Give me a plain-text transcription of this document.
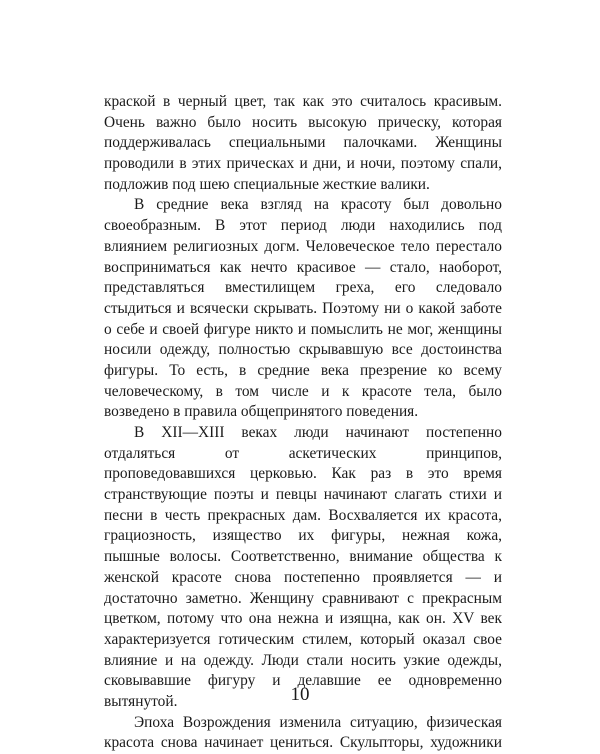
краской в черный цвет, так как это считалось красивым.
Очень важно было носить высокую прическу, которая
поддерживалась специальными палочками. Женщины
проводили в этих прическах и дни, и ночи, поэтому спали,
подложив под шею специальные жесткие валики.
В средние века взгляд на красоту был довольно
своеобразным. В этот период люди находились под
влиянием религиозных догм. Человеческое тело перестало
восприниматься как нечто красивое — стало, наоборот,
представляться вместилищем греха, его следовало
стыдиться и всячески скрывать. Поэтому ни о какой заботе
о себе и своей фигуре никто и помыслить не мог, женщины
носили одежду, полностью скрывавшую все достоинства
фигуры. То есть, в средние века презрение ко всему
человеческому, в том числе и к красоте тела, было
возведено в правила общепринятого поведения.
В XII—XIII веках люди начинают постепенно
отдаляться от аскетических принципов,
проповедовавшихся церковью. Как раз в это время
странствующие поэты и певцы начинают слагать стихи и
песни в честь прекрасных дам. Восхваляется их красота,
грациозность, изящество их фигуры, нежная кожа,
пышные волосы. Соответственно, внимание общества к
женской красоте снова постепенно проявляется — и
достаточно заметно. Женщину сравнивают с прекрасным
цветком, потому что она нежна и изящна, как он. XV век
характеризуется готическим стилем, который оказал свое
влияние и на одежду. Люди стали носить узкие одежды,
сковывавшие фигуру и делавшие ее одновременно
вытянутой.
Эпоха Возрождения изменила ситуацию, физическая
красота снова начинает цениться. Скульпторы, художники
10
